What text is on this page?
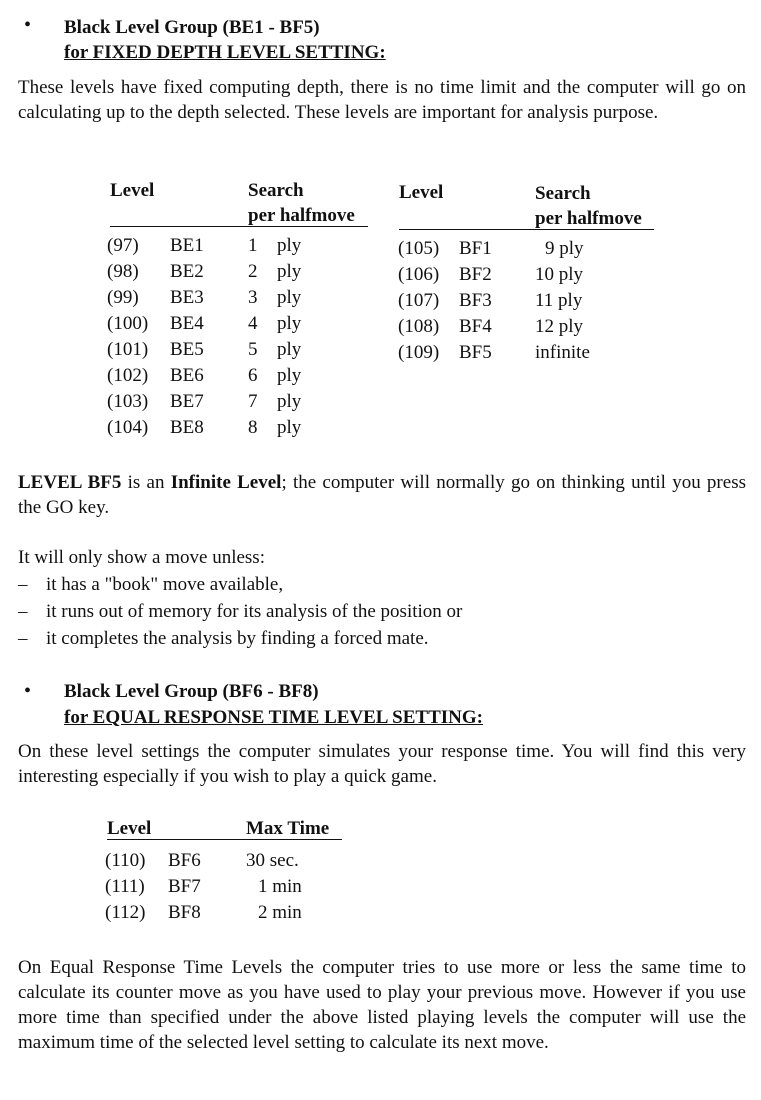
• Black Level Group (BE1 - BF5)
for FIXED DEPTH LEVEL SETTING:
These levels have fixed computing depth, there is no time limit and the computer will go on calculating up to the depth selected. These levels are important for analysis purpose.
Level	Search
per halfmove
Level	Search
per halfmove
(97) BE1 1 ply
(98) BE2 2 ply
(99) BE3 3 ply
(100) BE4 4 ply
(101) BE5 5 ply
(102) BE6 6 ply
(103) BE7 7 ply
(104) BE8 8 ply
(105) BF1	9 ply
(106) BF2 10 ply
(107) BF3 11 ply
(108) BF4 12 ply
(109) BF5 infinite
LEVEL BF5 is an Infinite Level; the computer will normally go on thinking until you press the GO key.
It will only show a move unless:
– it has a "book" move available,
– it runs out of memory for its analysis of the position or
– it completes the analysis by finding a forced mate.
• Black Level Group (BF6 - BF8)
for EQUAL RESPONSE TIME LEVEL SETTING:
On these level settings the computer simulates your response time. You will find this very interesting especially if you wish to play a quick game.
Level	Max Time
(110) BF6 30 sec.
(111) BF7	1 min
(112) BF8	2 min
On Equal Response Time Levels the computer tries to use more or less the same time to calculate its counter move as you have used to play your previous move. However if you use more time than specified under the above listed playing levels the computer will use the maximum time of the selected level setting to calculate its next move.
